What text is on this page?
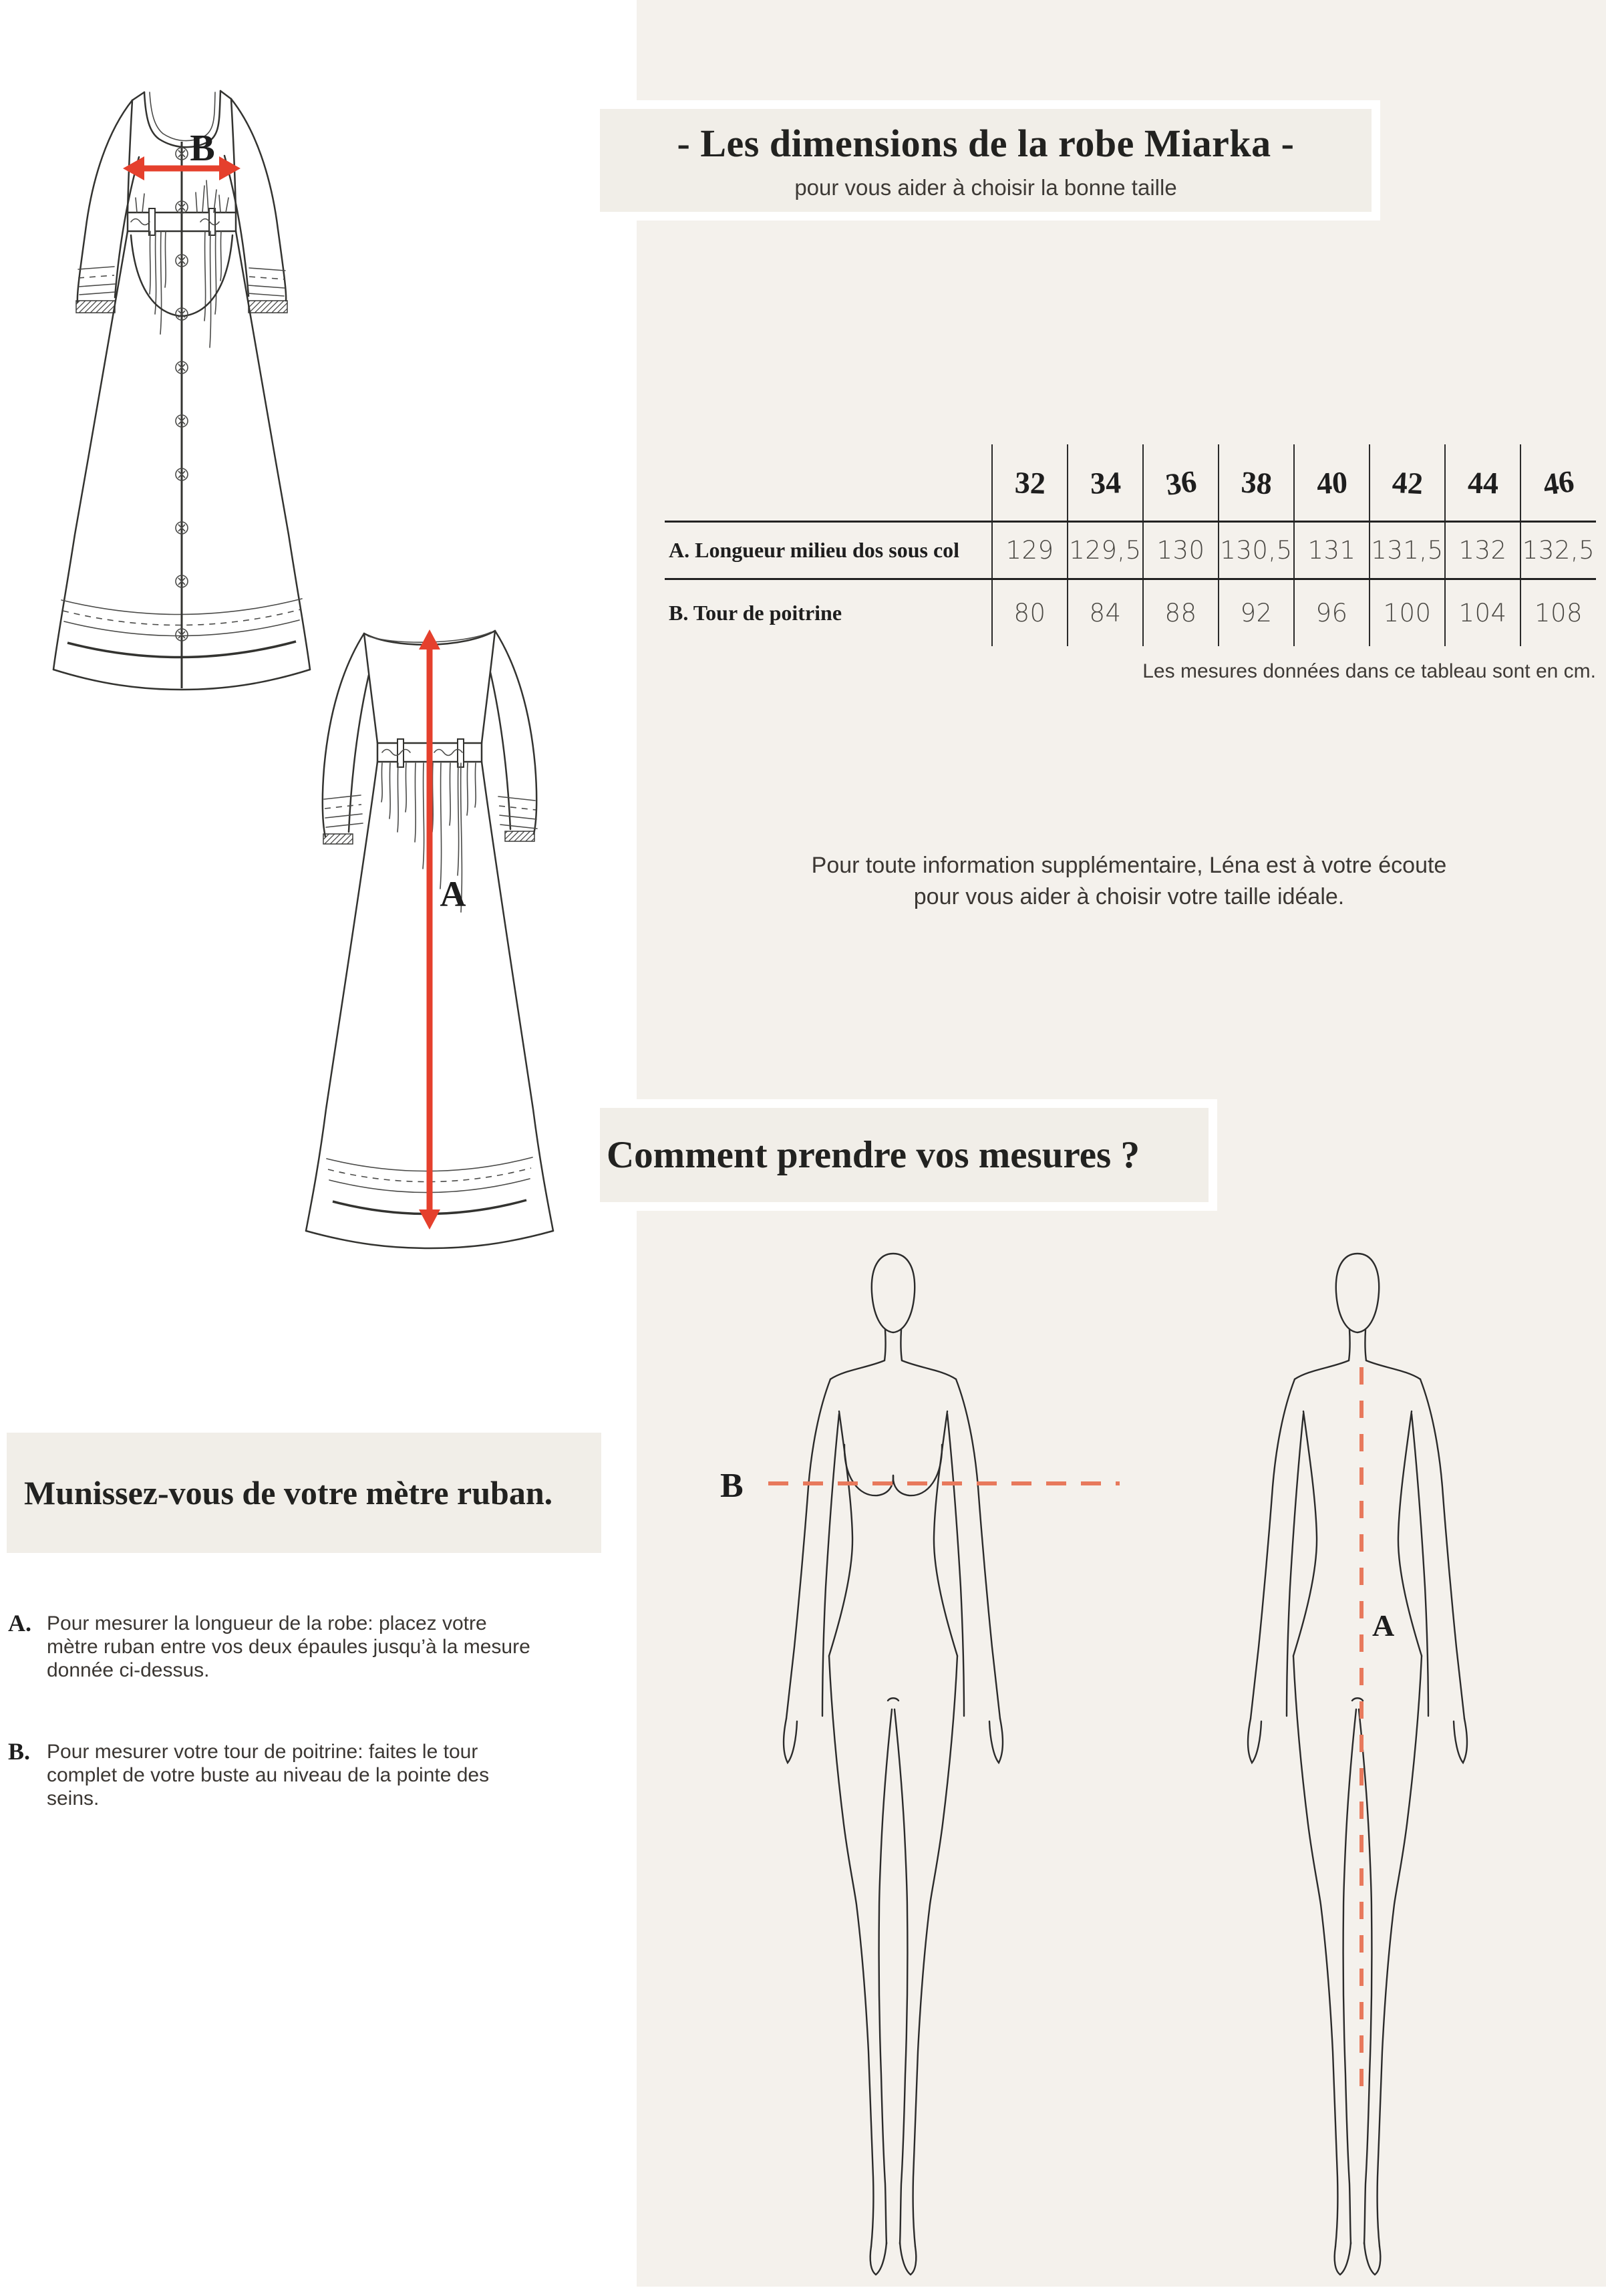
- Les dimensions de la robe Miarka -
pour vous aider à choisir la bonne taille
	32	34	36	38	40	42	44	46
A. Longueur milieu dos sous col	129	129,5	130	130,5	131	131,5	132	132,5
B. Tour de poitrine	80	84	88	92	96	100	104	108
Les mesures données dans ce tableau sont en cm.
Pour toute information supplémentaire, Léna est à votre écoute
pour vous aider à choisir votre taille idéale.
Comment prendre vos mesures ?
Munissez-vous de votre mètre ruban.
A. Pour mesurer la longueur de la robe: placez votre mètre ruban entre vos deux épaules jusqu’à la mesure donnée ci-dessus.
B. Pour mesurer votre tour de poitrine: faites le tour complet de votre buste au niveau de la pointe des seins.
B
A
B
A
